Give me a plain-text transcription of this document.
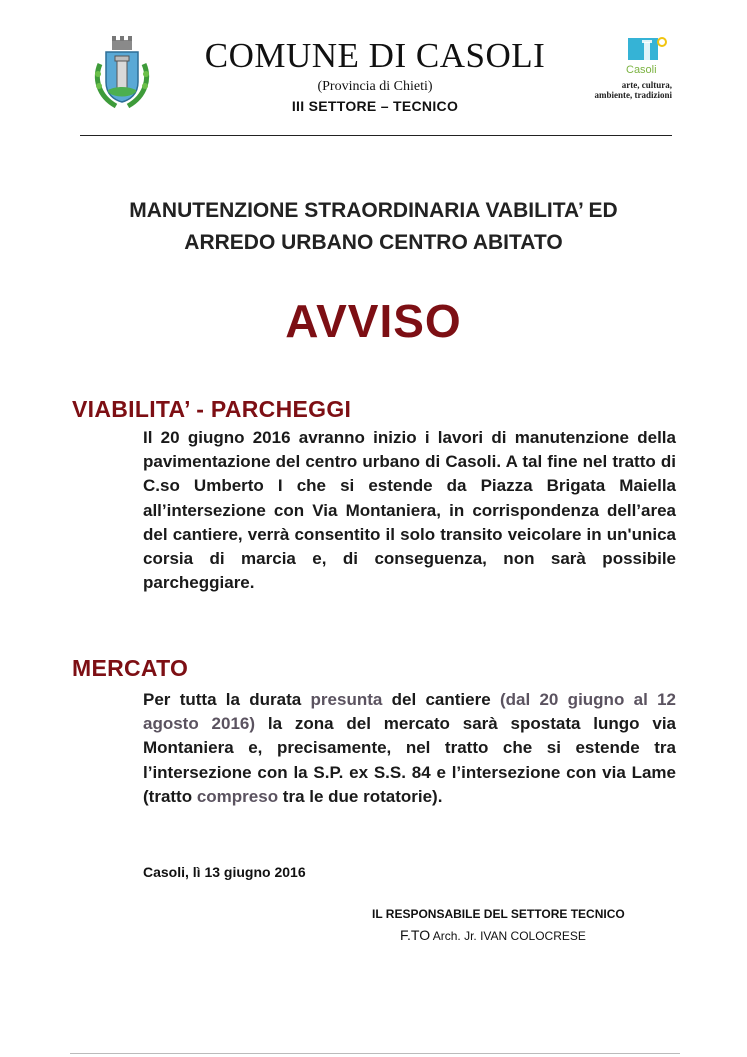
COMUNE DI CASOLI
(Provincia di Chieti)
III SETTORE – TECNICO
Casoli
arte, cultura,
ambiente, tradizioni
MANUTENZIONE STRAORDINARIA VABILITA’ ED
ARREDO URBANO CENTRO ABITATO
AVVISO
VIABILITA’ - PARCHEGGI
Il 20 giugno 2016 avranno inizio i lavori di manutenzione della pavimentazione del centro urbano di Casoli. A tal fine nel tratto di C.so Umberto I che si estende da Piazza Brigata Maiella all’intersezione con Via Montaniera, in corrispondenza dell’area del cantiere, verrà consentito il solo transito veicolare in un'unica corsia di marcia e, di conseguenza, non sarà possibile parcheggiare.
MERCATO
Per tutta la durata presunta del cantiere (dal 20 giugno al 12 agosto 2016) la zona del mercato sarà spostata lungo via Montaniera e, precisamente, nel tratto che si estende tra l’intersezione con la S.P. ex S.S. 84 e l’intersezione con via Lame (tratto compreso tra le due rotatorie).
Casoli, lì 13 giugno 2016
IL RESPONSABILE DEL SETTORE TECNICO
F.TO Arch. Jr. IVAN COLOCRESE
